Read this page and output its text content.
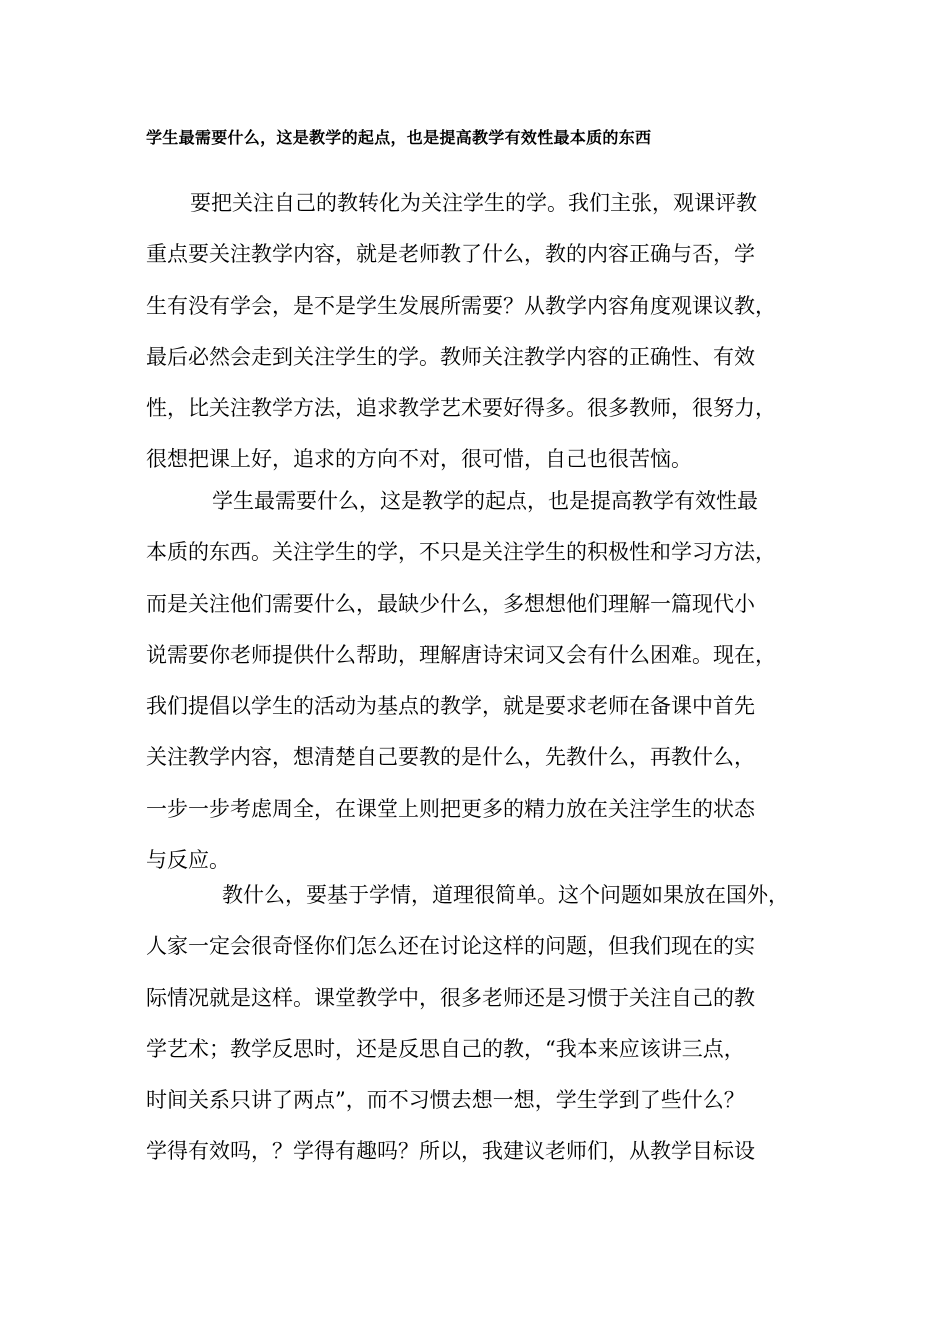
学生最需要什么，这是教学的起点，也是提高教学有效性最本质的东西
要把关注自己的教转化为关注学生的学。我们主张，观课评教
重点要关注教学内容，就是老师教了什么，教的内容正确与否，学
生有没有学会，是不是学生发展所需要？从教学内容角度观课议教，
最后必然会走到关注学生的学。教师关注教学内容的正确性、有效
性，比关注教学方法，追求教学艺术要好得多。很多教师，很努力，
很想把课上好，追求的方向不对，很可惜，自己也很苦恼。
学生最需要什么，这是教学的起点，也是提高教学有效性最
本质的东西。关注学生的学，不只是关注学生的积极性和学习方法，
而是关注他们需要什么，最缺少什么，多想想他们理解一篇现代小
说需要你老师提供什么帮助，理解唐诗宋词又会有什么困难。现在，
我们提倡以学生的活动为基点的教学，就是要求老师在备课中首先
关注教学内容，想清楚自己要教的是什么，先教什么，再教什么，
一步一步考虑周全，在课堂上则把更多的精力放在关注学生的状态
与反应。
教什么，要基于学情，道理很简单。这个问题如果放在国外，
人家一定会很奇怪你们怎么还在讨论这样的问题，但我们现在的实
际情况就是这样。课堂教学中，很多老师还是习惯于关注自己的教
学艺术；教学反思时，还是反思自己的教，“我本来应该讲三点，
时间关系只讲了两点”，而不习惯去想一想，学生学到了些什么？
学得有效吗，？学得有趣吗？所以，我建议老师们，从教学目标设
